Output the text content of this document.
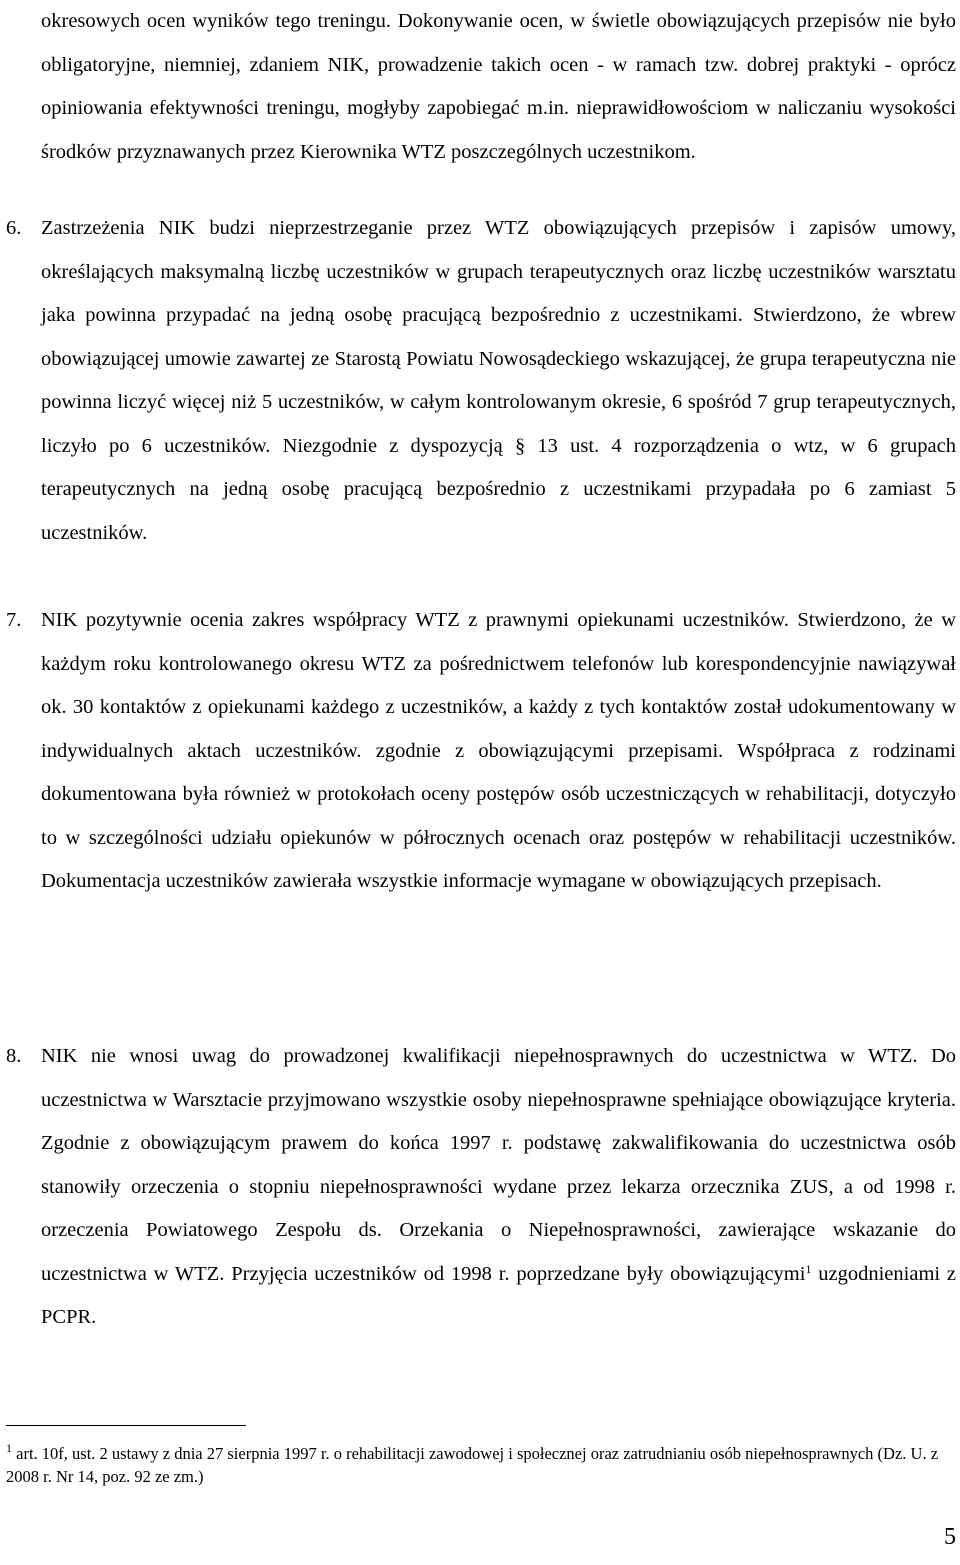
okresowych ocen wyników tego treningu. Dokonywanie ocen, w świetle obowiązujących przepisów nie było obligatoryjne, niemniej, zdaniem NIK, prowadzenie takich ocen - w ramach tzw. dobrej praktyki - oprócz opiniowania efektywności treningu, mogłyby zapobiegać m.in. nieprawidłowościom w naliczaniu wysokości środków przyznawanych przez Kierownika WTZ poszczególnych uczestnikom.

6. Zastrzeżenia NIK budzi nieprzestrzeganie przez WTZ obowiązujących przepisów i zapisów umowy, określających maksymalną liczbę uczestników w grupach terapeutycznych oraz liczbę uczestników warsztatu jaka powinna przypadać na jedną osobę pracującą bezpośrednio z uczestnikami. Stwierdzono, że wbrew obowiązującej umowie zawartej ze Starostą Powiatu Nowosądeckiego wskazującej, że grupa terapeutyczna nie powinna liczyć więcej niż 5 uczestników, w całym kontrolowanym okresie, 6 spośród 7 grup terapeutycznych, liczyło po 6 uczestników. Niezgodnie z dyspozycją § 13 ust. 4 rozporządzenia o wtz, w 6 grupach terapeutycznych na jedną osobę pracującą bezpośrednio z uczestnikami przypadała po 6 zamiast 5 uczestników.
7. NIK pozytywnie ocenia zakres współpracy WTZ z prawnymi opiekunami uczestników. Stwierdzono, że w każdym roku kontrolowanego okresu WTZ za pośrednictwem telefonów lub korespondencyjnie nawiązywał ok. 30 kontaktów z opiekunami każdego z uczestników, a każdy z tych kontaktów został udokumentowany w indywidualnych aktach uczestników. zgodnie z obowiązującymi przepisami. Współpraca z rodzinami dokumentowana była również w protokołach oceny postępów osób uczestniczących w rehabilitacji, dotyczyło to w szczególności udziału opiekunów w półrocznych ocenach oraz postępów w rehabilitacji uczestników. Dokumentacja uczestników zawierała wszystkie informacje wymagane w obowiązujących przepisach.
8. NIK nie wnosi uwag do prowadzonej kwalifikacji niepełnosprawnych do uczestnictwa w WTZ. Do uczestnictwa w Warsztacie przyjmowano wszystkie osoby niepełnosprawne spełniające obowiązujące kryteria. Zgodnie z obowiązującym prawem do końca 1997 r. podstawę zakwalifikowania do uczestnictwa osób stanowiły orzeczenia o stopniu niepełnosprawności wydane przez lekarza orzecznika ZUS, a od 1998 r. orzeczenia Powiatowego Zespołu ds. Orzekania o Niepełnosprawności, zawierające wskazanie do uczestnictwa w WTZ. Przyjęcia uczestników od 1998 r. poprzedzane były obowiązującymi$^1$ uzgodnieniami z PCPR.

$^1$ art. 10f, ust. 2 ustawy z dnia 27 sierpnia 1997 r. o rehabilitacji zawodowej i społecznej oraz zatrudnianiu osób niepełnosprawnych (Dz. U. z 2008 r. Nr 14, poz. 92 ze zm.)

5
